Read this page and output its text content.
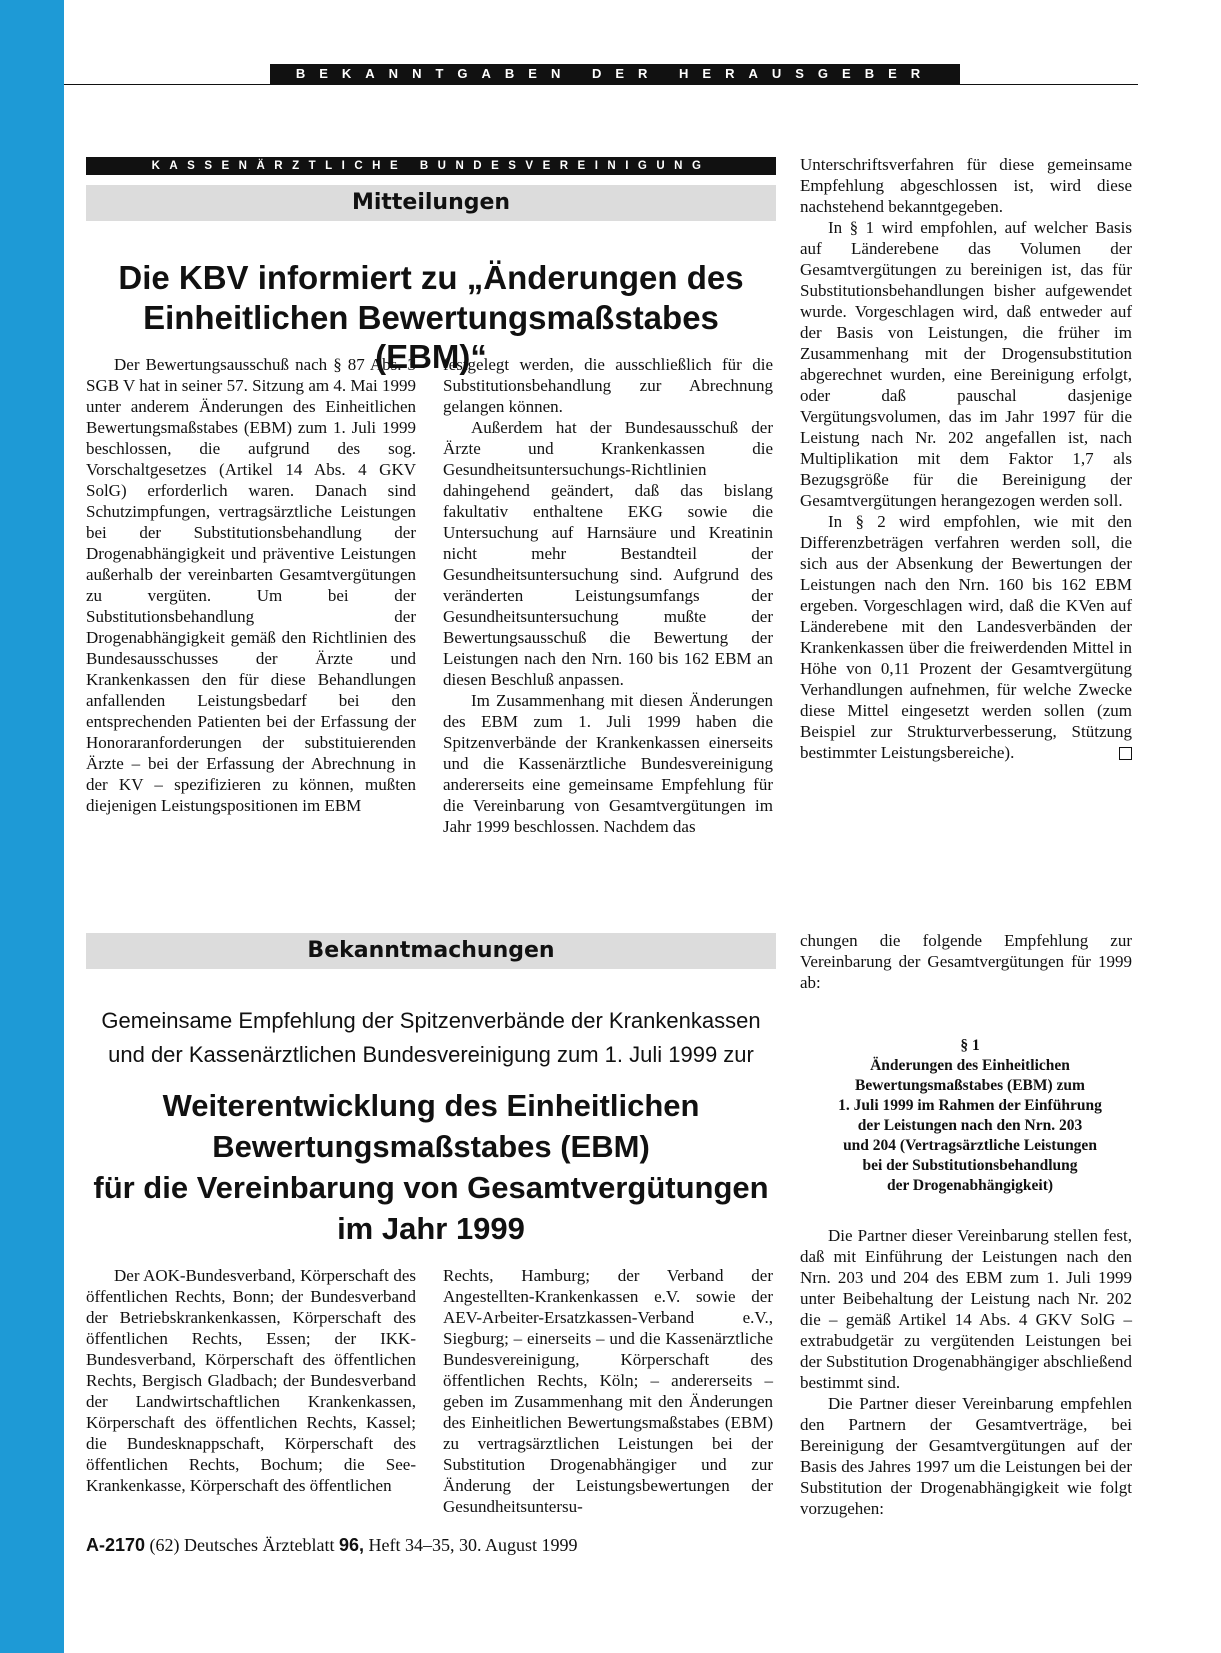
BEKANNTGABEN DER HERAUSGEBER
KASSENÄRZTLICHE BUNDESVEREINIGUNG
Mitteilungen
Die KBV informiert zu „Änderungen des
Einheitlichen Bewertungsmaßstabes (EBM)“

Der Bewertungsausschuß nach § 87 Abs. 3 SGB V hat in seiner 57. Sitzung am 4. Mai 1999 unter anderem Änderungen des Einheitlichen Bewertungsmaßstabes (EBM) zum 1. Juli 1999 beschlossen, die aufgrund des sog. Vorschaltgesetzes (Artikel 14 Abs. 4 GKV SolG) erforderlich waren. Danach sind Schutzimpfungen, vertragsärztliche Leistungen bei der Substitutionsbehandlung der Drogenabhängigkeit und präventive Leistungen außerhalb der vereinbarten Gesamtvergütungen zu vergüten. Um bei der Substitutionsbehandlung der Drogenabhängigkeit gemäß den Richtlinien des Bundesausschusses der Ärzte und Krankenkassen den für diese Behandlungen anfallenden Leistungsbedarf bei den entsprechenden Patienten bei der Erfassung der Honoraranforderungen der substituierenden Ärzte – bei der Erfassung der Abrechnung in der KV – spezifizieren zu können, mußten diejenigen Leistungspositionen im EBM

festgelegt werden, die ausschließlich für die Substitutionsbehandlung zur Abrechnung gelangen können.

Außerdem hat der Bundesausschuß der Ärzte und Krankenkassen die Gesundheitsuntersuchungs-Richtlinien dahingehend geändert, daß das bislang fakultativ enthaltene EKG sowie die Untersuchung auf Harnsäure und Kreatinin nicht mehr Bestandteil der Gesundheitsuntersuchung sind. Aufgrund des veränderten Leistungsumfangs der Gesundheitsuntersuchung mußte der Bewertungsausschuß die Bewertung der Leistungen nach den Nrn. 160 bis 162 EBM an diesen Beschluß anpassen.

Im Zusammenhang mit diesen Änderungen des EBM zum 1. Juli 1999 haben die Spitzenverbände der Krankenkassen einerseits und die Kassenärztliche Bundesvereinigung andererseits eine gemeinsame Empfehlung für die Vereinbarung von Gesamtvergütungen im Jahr 1999 beschlossen. Nachdem das

Unterschriftsverfahren für diese gemeinsame Empfehlung abgeschlossen ist, wird diese nachstehend bekanntgegeben.

In § 1 wird empfohlen, auf welcher Basis auf Länderebene das Volumen der Gesamtvergütungen zu bereinigen ist, das für Substitutionsbehandlungen bisher aufgewendet wurde. Vorgeschlagen wird, daß entweder auf der Basis von Leistungen, die früher im Zusammenhang mit der Drogensubstitution abgerechnet wurden, eine Bereinigung erfolgt, oder daß pauschal dasjenige Vergütungsvolumen, das im Jahr 1997 für die Leistung nach Nr. 202 angefallen ist, nach Multiplikation mit dem Faktor 1,7 als Bezugsgröße für die Bereinigung der Gesamtvergütungen herangezogen werden soll.

In § 2 wird empfohlen, wie mit den Differenzbeträgen verfahren werden soll, die sich aus der Absenkung der Bewertungen der Leistungen nach den Nrn. 160 bis 162 EBM ergeben. Vorgeschlagen wird, daß die KVen auf Länderebene mit den Landesverbänden der Krankenkassen über die freiwerdenden Mittel in Höhe von 0,11 Prozent der Gesamtvergütung Verhandlungen aufnehmen, für welche Zwecke diese Mittel eingesetzt werden sollen (zum Beispiel zur Strukturverbesserung, Stützung bestimmter Leistungsbereiche).

Bekanntmachungen
Gemeinsame Empfehlung der Spitzenverbände der Krankenkassen
und der Kassenärztlichen Bundesvereinigung zum 1. Juli 1999 zur
Weiterentwicklung des Einheitlichen
Bewertungsmaßstabes (EBM)
für die Vereinbarung von Gesamtvergütungen
im Jahr 1999

Der AOK-Bundesverband, Körperschaft des öffentlichen Rechts, Bonn; der Bundesverband der Betriebskrankenkassen, Körperschaft des öffentlichen Rechts, Essen; der IKK-Bundesverband, Körperschaft des öffentlichen Rechts, Bergisch Gladbach; der Bundesverband der Landwirtschaftlichen Krankenkassen, Körperschaft des öffentlichen Rechts, Kassel; die Bundesknappschaft, Körperschaft des öffentlichen Rechts, Bochum; die See-Krankenkasse, Körperschaft des öffentlichen

Rechts, Hamburg; der Verband der Angestellten-Krankenkassen e.V. sowie der AEV-Arbeiter-Ersatzkassen-Verband e.V., Siegburg; – einerseits – und die Kassenärztliche Bundesvereinigung, Körperschaft des öffentlichen Rechts, Köln; – andererseits – geben im Zusammenhang mit den Änderungen des Einheitlichen Bewertungsmaßstabes (EBM) zu vertragsärztlichen Leistungen bei der Substitution Drogenabhängiger und zur Änderung der Leistungsbewertungen der Gesundheitsuntersu-

chungen die folgende Empfehlung zur Vereinbarung der Gesamtvergütungen für 1999 ab:

§ 1
Änderungen des Einheitlichen
Bewertungsmaßstabes (EBM) zum
1. Juli 1999 im Rahmen der Einführung
der Leistungen nach den Nrn. 203
und 204 (Vertragsärztliche Leistungen
bei der Substitutionsbehandlung
der Drogenabhängigkeit)

Die Partner dieser Vereinbarung stellen fest, daß mit Einführung der Leistungen nach den Nrn. 203 und 204 des EBM zum 1. Juli 1999 unter Beibehaltung der Leistung nach Nr. 202 die – gemäß Artikel 14 Abs. 4 GKV SolG – extrabudgetär zu vergütenden Leistungen bei der Substitution Drogenabhängiger abschließend bestimmt sind.

Die Partner dieser Vereinbarung empfehlen den Partnern der Gesamtverträge, bei Bereinigung der Gesamtvergütungen auf der Basis des Jahres 1997 um die Leistungen bei der Substitution der Drogenabhängigkeit wie folgt vorzugehen:

A-2170 (62) Deutsches Ärzteblatt 96, Heft 34–35, 30. August 1999
